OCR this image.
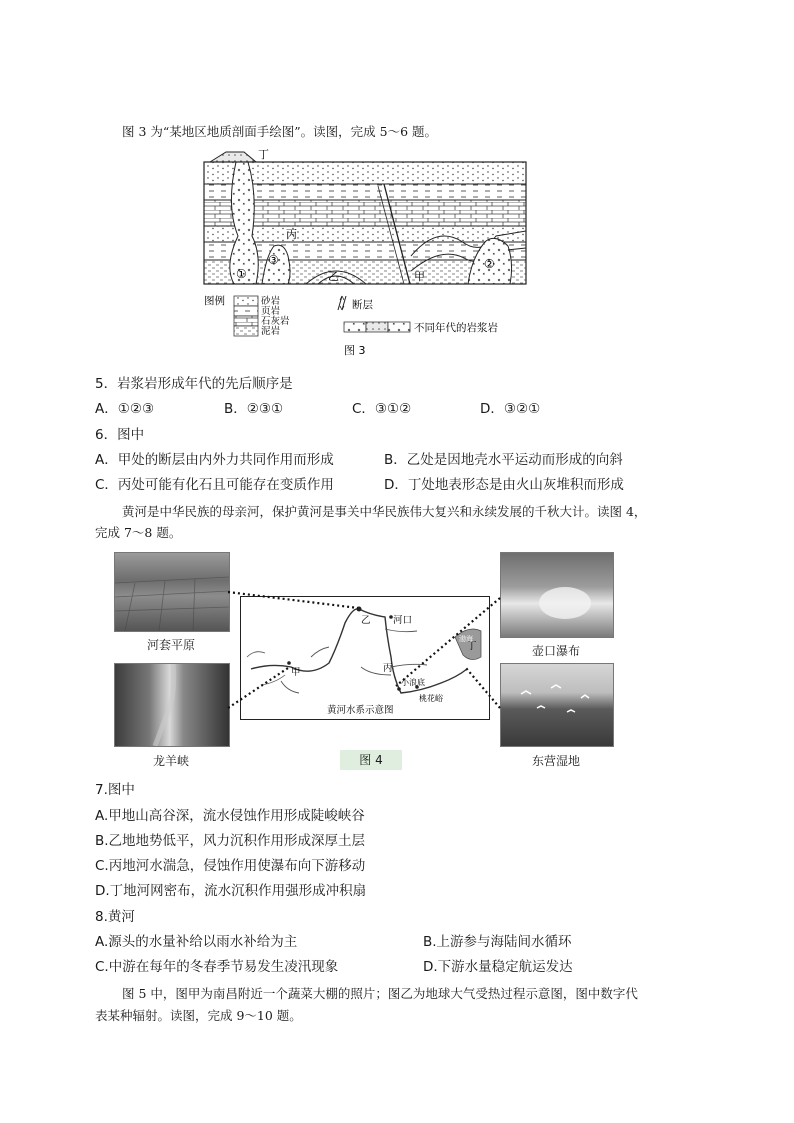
图 3 为“某地区地质剖面手绘图”。读图，完成 5～6 题。
丁
丙
乙	甲
①
②
③
图例	砂岩
页岩
石灰岩
泥岩
断层
不同年代的岩浆岩
图 3
5．岩浆岩形成年代的先后顺序是
A．①②③	B．②③①	C．③①②	D．③②①
6．图中
A．甲处的断层由内外力共同作用而形成	B．乙处是因地壳水平运动而形成的向斜
C．丙处可能有化石且可能存在变质作用	D．丁处地表形态是由火山灰堆积而形成
黄河是中华民族的母亲河，保护黄河是事关中华民族伟大复兴和永续发展的千秋大计。读图 4，
完成 7～8 题。
河套平原
龙羊峡
壶口瀑布
东营湿地
河口
甲
乙
丙
丁
小浪底
桃花峪
渤海
黄河水系示意图
图 4
7.图中
A.甲地山高谷深，流水侵蚀作用形成陡峻峡谷
B.乙地地势低平，风力沉积作用形成深厚土层
C.丙地河水湍急，侵蚀作用使瀑布向下游移动
D.丁地河网密布，流水沉积作用强形成冲积扇
8.黄河
A.源头的水量补给以雨水补给为主	B.上游参与海陆间水循环
C.中游在每年的冬春季节易发生凌汛现象	D.下游水量稳定航运发达
图 5 中，图甲为南昌附近一个蔬菜大棚的照片；图乙为地球大气受热过程示意图，图中数字代
表某种辐射。读图，完成 9～10 题。
